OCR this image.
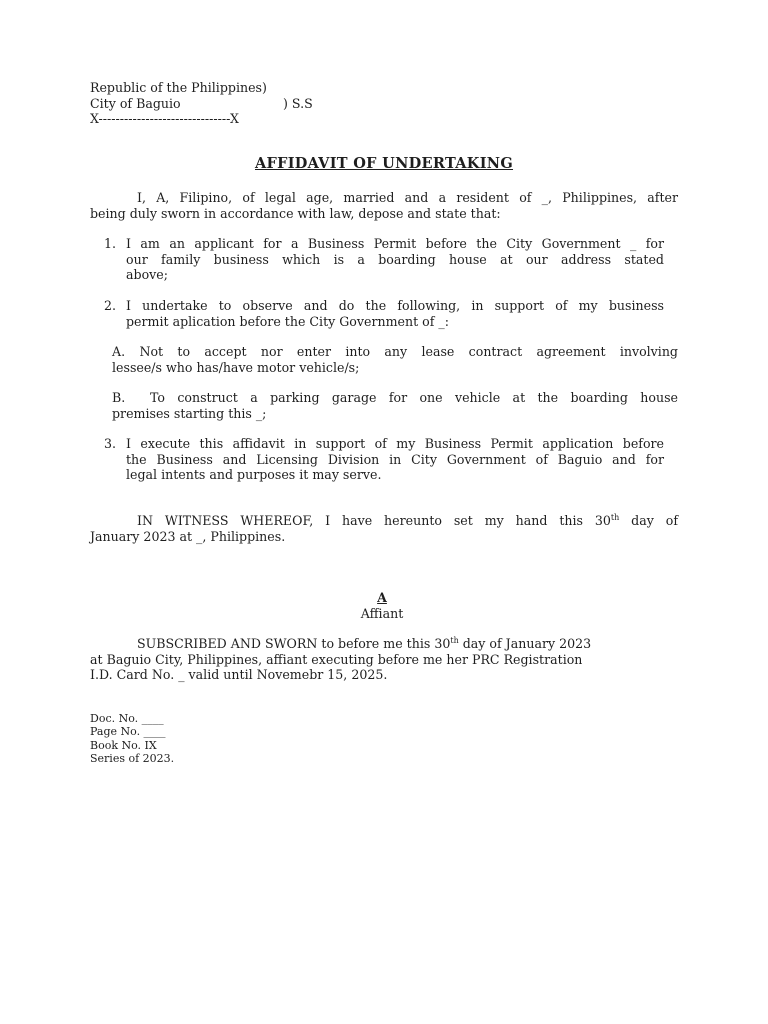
Republic of the Philippines)
City of Baguio	) S.S
X-------------------------------X
AFFIDAVIT OF UNDERTAKING
I, A, Filipino, of legal age, married and a resident of _, Philippines, after
being duly sworn in accordance with law, depose and state that:
1. I am an applicant for a Business Permit before the City Government _ for
our family business which is a boarding house at our address stated
above;
2. I undertake to observe and do the following, in support of my business
permit aplication before the City Government of _:
A. Not to accept nor enter into any lease contract agreement involving
lessee/s who has/have motor vehicle/s;
B. To construct a parking garage for one vehicle at the boarding house
premises starting this _;
3. I execute this affidavit in support of my Business Permit application before
the Business and Licensing Division in City Government of Baguio and for
legal intents and purposes it may serve.
IN WITNESS WHEREOF, I have hereunto set my hand this 30th day of
January 2023 at _, Philippines.
A
Affiant
SUBSCRIBED AND SWORN to before me this 30th day of January 2023
at Baguio City, Philippines, affiant executing before me her PRC Registration
I.D. Card No. _ valid until Novemebr 15, 2025.
Doc. No. ____
Page No. ____
Book No. IX
Series of 2023.
